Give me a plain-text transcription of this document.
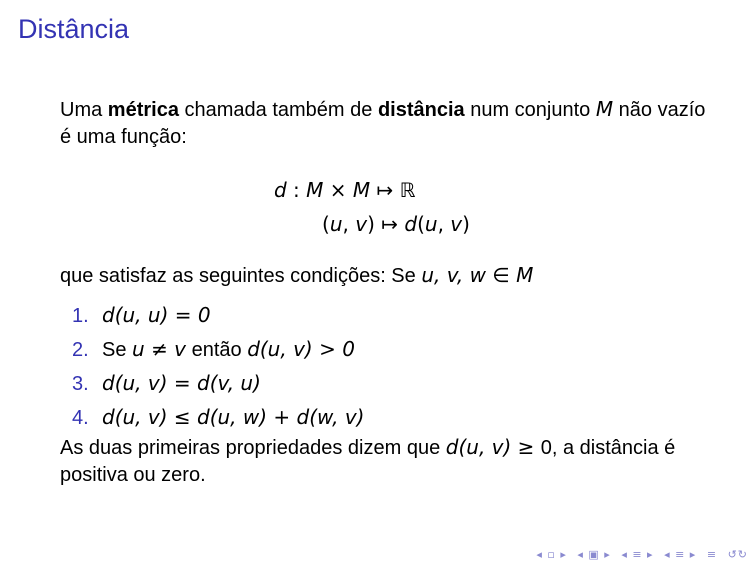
Distância
Uma métrica chamada também de distância num conjunto M não vazío é uma função:
d : M × M ↦ ℝ
(u, v) ↦ d(u, v)
que satisfaz as seguintes condições: Se u, v, w ∈ M
1. d(u, u) = 0
2. Se u ≠ v então d(u, v) > 0
3. d(u, v) = d(v, u)
4. d(u, v) ≤ d(u, w) + d(w, v)
As duas primeiras propriedades dizem que d(u, v) ≥ 0, a distância é positiva ou zero.
◂ ▫ ▸ ◂ ▣ ▸ ◂ ≡ ▸ ◂ ≡ ▸ ≡ ↺↻
